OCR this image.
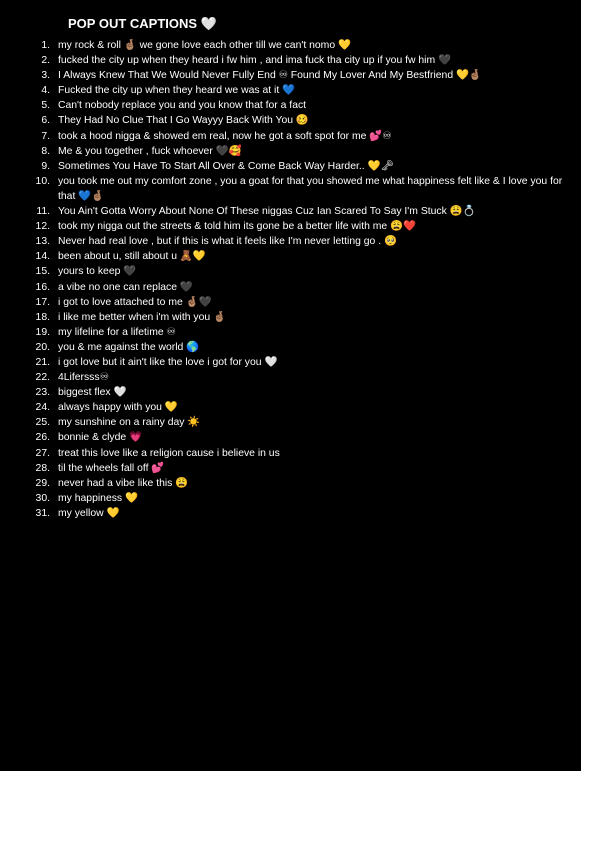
POP OUT CAPTIONS 🤍
1. my rock & roll 🤞🏽 we gone love each other till we can't nomo 💛
2. fucked the city up when they heard i fw him , and ima fuck tha city up if you fw him 🖤
3. I Always Knew That We Would Never Fully End ♾ Found My Lover And My Bestfriend 💛🤞🏽
4. Fucked the city up when they heard we was at it 💙
5. Can't nobody replace you and you know that for a fact
6. They Had No Clue That I Go Wayyy Back With You 🥴
7. took a hood nigga & showed em real, now he got a soft spot for me 💕♾
8. Me & you together , fuck whoever 🖤🥰
9. Sometimes You Have To Start All Over & Come Back Way Harder.. 💛🗝
10. you took me out my comfort zone , you a goat for that you showed me what happiness felt like & I love you for that 💙🤞🏽
11. You Ain't Gotta Worry About None Of These niggas Cuz Ian Scared To Say I'm Stuck 😩💍
12. took my nigga out the streets & told him its gone be a better life with me 😩❤️
13. Never had real love , but if this is what it feels like I'm never letting go . 🥺
14. been about u, still about u 🧸💛
15. yours to keep 🖤
16. a vibe no one can replace 🖤
17. i got to love attached to me 🤞🏽🖤
18. i like me better when i'm with you 🤞🏽
19. my lifeline for a lifetime ♾
20. you & me against the world 🌎
21. i got love but it ain't like the love i got for you 🤍
22. 4Lifersss♾
23. biggest flex 🤍
24. always happy with you 💛
25. my sunshine on a rainy day ☀️
26. bonnie & clyde 💗
27. treat this love like a religion cause i believe in us
28. til the wheels fall off 💕
29. never had a vibe like this 😩
30. my happiness 💛
31. my yellow 💛
